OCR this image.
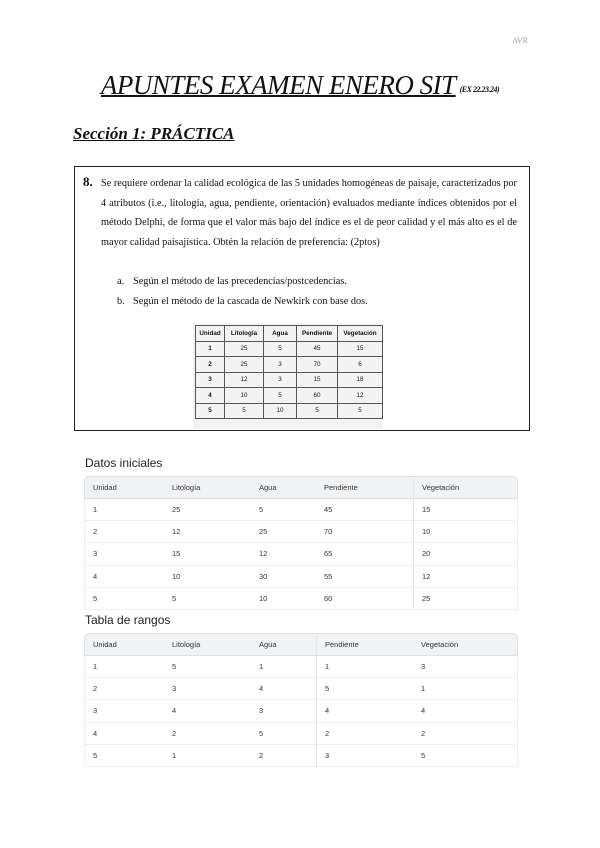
AVR
APUNTES EXAMEN ENERO SIT $^{(EX 22.23.24)}$
Sección 1: PRÁCTICA
8. Se requiere ordenar la calidad ecológica de las 5 unidades homogéneas de paisaje, caracterizados por 4 atributos (i.e., litología, agua, pendiente, orientación) evaluados mediante índices obtenidos por el método Delphi, de forma que el valor más bajo del índice es el de peor calidad y el más alto es el de mayor calidad paisajística. Obtén la relación de preferencia: (2ptos)
a. Según el método de las precedencias/postcedencias.
b. Según el método de la cascada de Newkirk con base dos.
Unidad	Litología	Agua	Pendiente	Vegetación
1	25	5	45	15
2	25	3	70	6
3	12	3	15	18
4	10	5	60	12
5	5	10	5	5
Datos iniciales
Unidad	Litología	Agua	Pendiente	Vegetación
1	25	5	45	15
2	12	25	70	10
3	15	12	65	20
4	10	30	55	12
5	5	10	60	25
Tabla de rangos
Unidad	Litología	Agua	Pendiente	Vegetación
1	5	1	1	3
2	3	4	5	1
3	4	3	4	4
4	2	5	2	2
5	1	2	3	5
